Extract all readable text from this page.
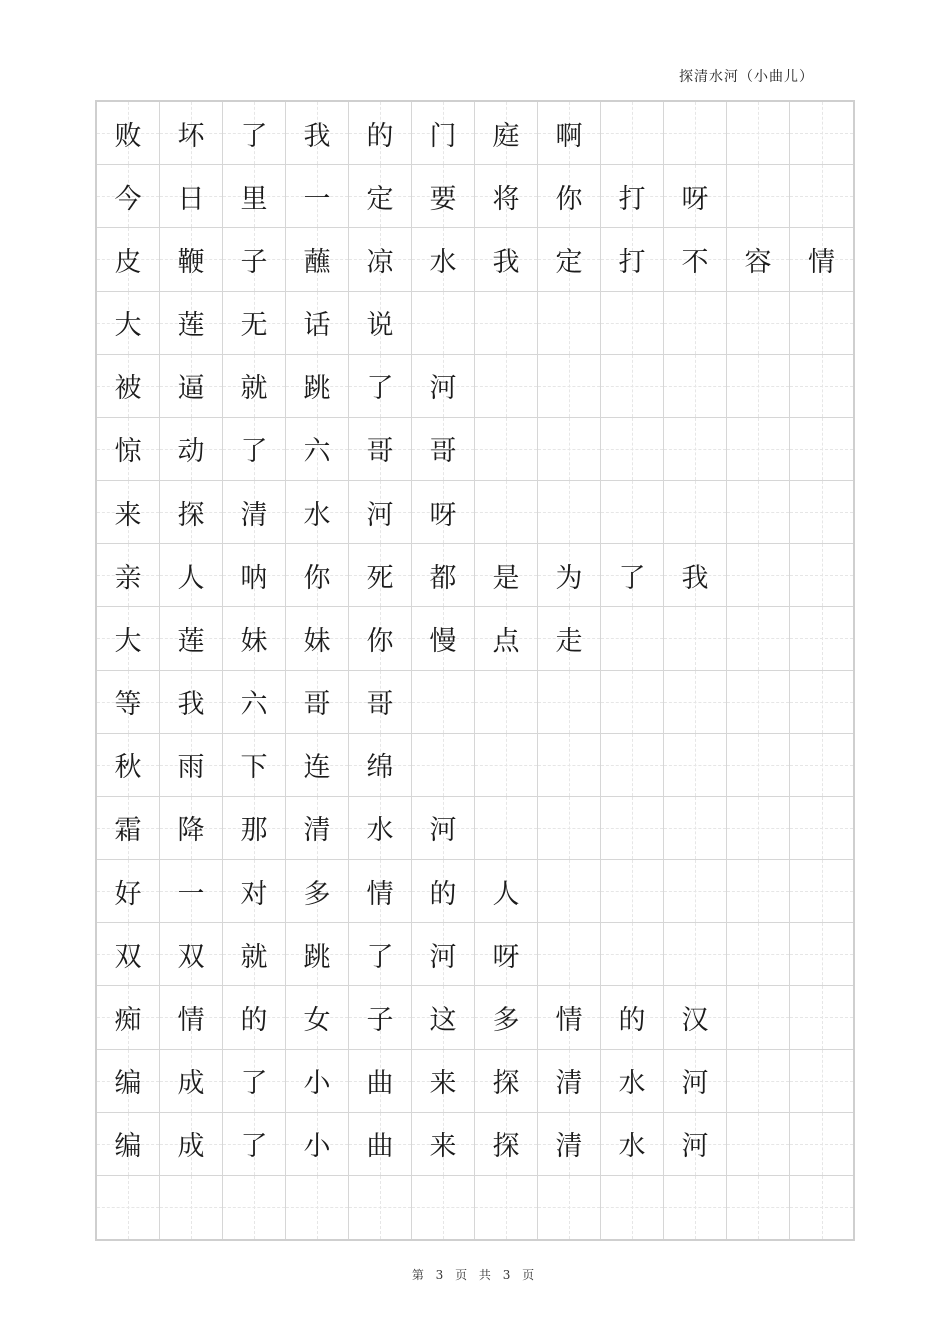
探清水河（小曲儿）
败 坏 了 我 的 门 庭 啊
今 日 里 一 定 要 将 你 打 呀
皮 鞭 子 蘸 凉 水 我 定 打 不 容 情
大 莲 无 话 说
被 逼 就 跳 了 河
惊 动 了 六 哥 哥
来 探 清 水 河 呀
亲 人 呐 你 死 都 是 为 了 我
大 莲 妹 妹 你 慢 点 走
等 我 六 哥 哥
秋 雨 下 连 绵
霜 降 那 清 水 河
好 一 对 多 情 的 人
双 双 就 跳 了 河 呀
痴 情 的 女 子 这 多 情 的 汉
编 成 了 小 曲 来 探 清 水 河
编 成 了 小 曲 来 探 清 水 河
第 3 页 共 3 页
